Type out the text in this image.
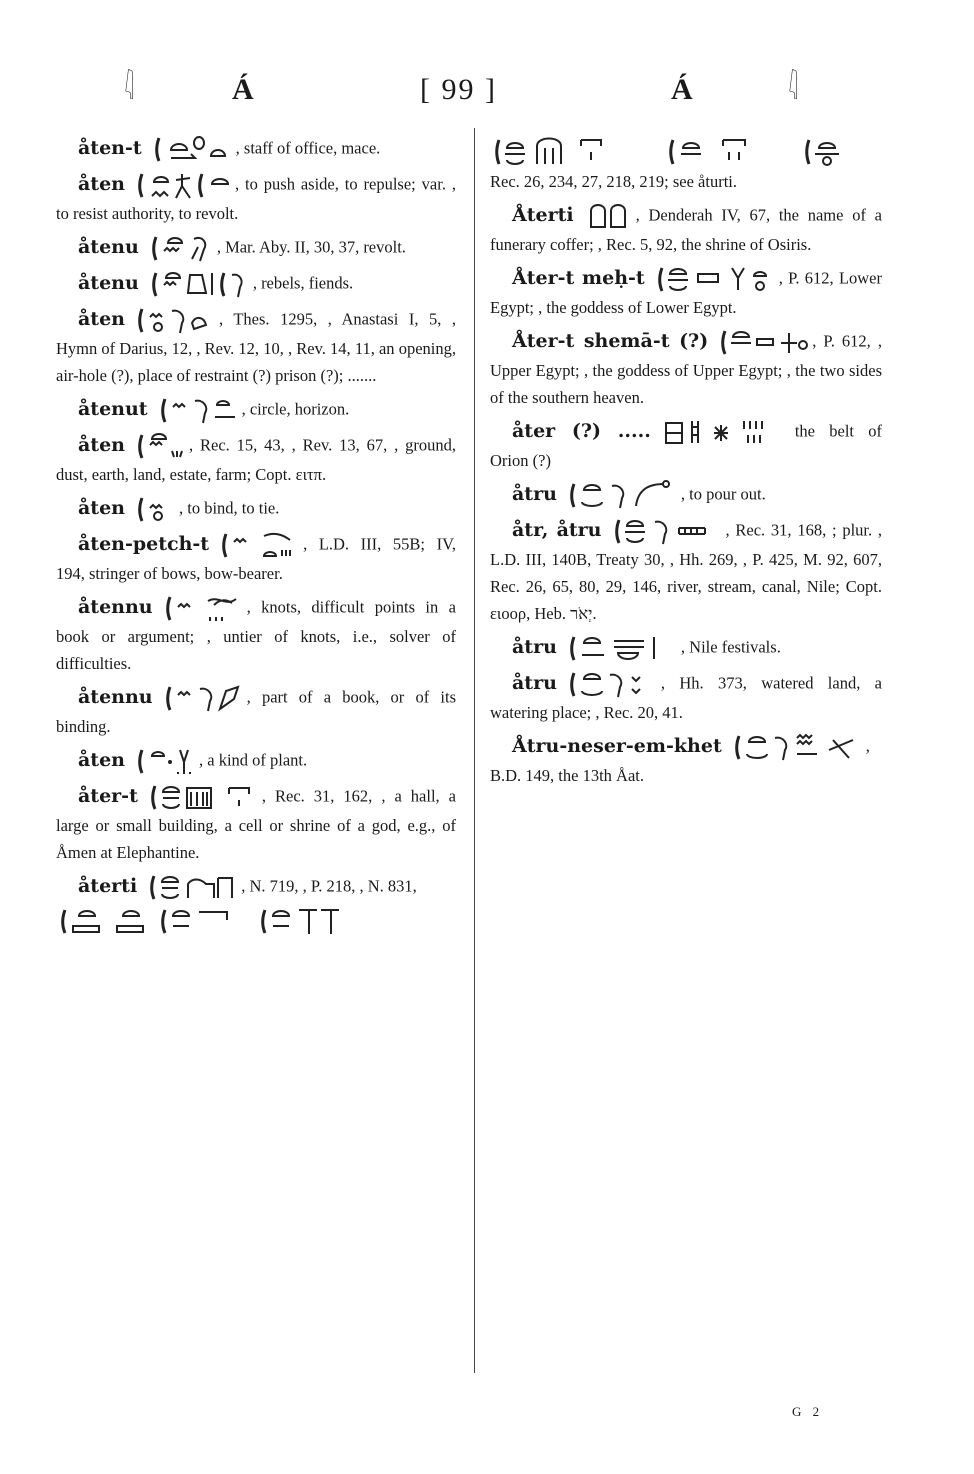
𓇋	Á	[ 99 ]	Á	𓇋

åten-t	, staff of office, mace.

åten	, to push aside, to repulse; var. , to resist authority, to revolt.

åtenu	, Mar. Aby. II, 30, 37, revolt.

åtenu	, rebels, fiends.

åten	, Thes. 1295, , Anastasi I, 5, , Hymn of Darius, 12, , Rev. 12, 10, , Rev. 14, 11, an opening, air-hole (?), place of restraint (?) prison (?); .......

åtenut	, circle, horizon.

åten	, Rec. 15, 43, , Rev. 13, 67, , ground, dust, earth, land, estate, farm; Copt. ειτπ.

åten	, to bind, to tie.

åten-petch-t	, L.D. III, 55B; IV, 194, stringer of bows, bow-bearer.

åtennu	, knots, difficult points in a book or argument; , untier of knots, i.e., solver of difficulties.

åtennu	, part of a book, or of its binding.

åten	, a kind of plant.

åter-t	, Rec. 31, 162, , a hall, a large or small building, a cell or shrine of a god, e.g., of Åmen at Elephantine.

återti	, N. 719, , P. 218, , N. 831,

Rec. 26, 234, 27, 218, 219; see åturti.

Återti	, Denderah IV, 67, the name of a funerary coffer; , Rec. 5, 92, the shrine of Osiris.

Åter-t meḥ-t	, P. 612, Lower Egypt; , the goddess of Lower Egypt.

Åter-t shemā-t (?)	, P. 612, , Upper Egypt; , the goddess of Upper Egypt; , the two sides of the southern heaven.

åter (?) .....	the belt of Orion (?)

åtru	, to pour out.

åtr, åtru	, Rec. 31, 168, ; plur. , L.D. III, 140B, Treaty 30, , Hh. 269, , P. 425, M. 92, 607, Rec. 26, 65, 80, 29, 146, river, stream, canal, Nile; Copt. ειοορ, Heb. יְאֹר.

åtru	, Nile festivals.

åtru	, Hh. 373, watered land, a watering place; , Rec. 20, 41.

Åtru-neser-em-khet	, B.D. 149, the 13th Åat.

G 2
